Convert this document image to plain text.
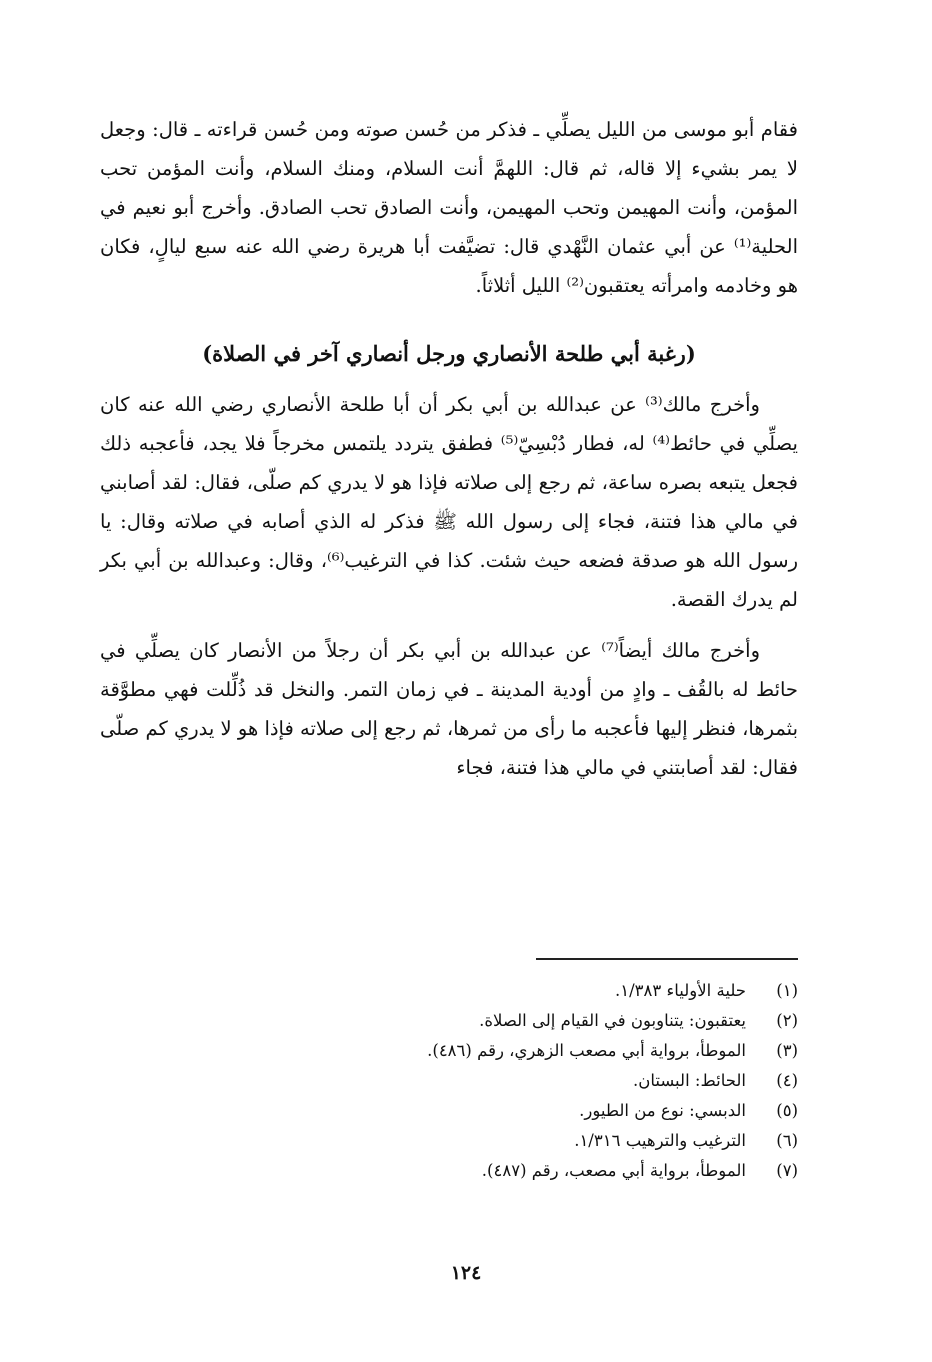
فقام أبو موسى من الليل يصلِّي ـ فذكر من حُسن صوته ومن حُسن قراءته ـ قال: وجعل لا يمر بشيء إلا قاله، ثم قال: اللهمَّ أنت السلام، ومنك السلام، وأنت المؤمن تحب المؤمن، وأنت المهيمن وتحب المهيمن، وأنت الصادق تحب الصادق. وأخرج أبو نعيم في الحلية⁽¹⁾ عن أبي عثمان النَّهْدي قال: تضيَّفت أبا هريرة رضي الله عنه سبع ليالٍ، فكان هو وخادمه وامرأته يعتقبون⁽²⁾ الليل أثلاثاً.

(رغبة أبي طلحة الأنصاري ورجل أنصاري آخر في الصلاة)

وأخرج مالك⁽³⁾ عن عبدالله بن أبي بكر أن أبا طلحة الأنصاري رضي الله عنه كان يصلِّي في حائط⁽⁴⁾ له، فطار دُبْسِيّ⁽⁵⁾ فطفق يتردد يلتمس مخرجاً فلا يجد، فأعجبه ذلك فجعل يتبعه بصره ساعة، ثم رجع إلى صلاته فإذا هو لا يدري كم صلّى، فقال: لقد أصابني في مالي هذا فتنة، فجاء إلى رسول الله ﷺ فذكر له الذي أصابه في صلاته وقال: يا رسول الله هو صدقة فضعه حيث شئت. كذا في الترغيب⁽⁶⁾، وقال: وعبدالله بن أبي بكر لم يدرك القصة.

وأخرج مالك أيضاً⁽⁷⁾ عن عبدالله بن أبي بكر أن رجلاً من الأنصار كان يصلِّي في حائط له بالقُف ـ وادٍ من أودية المدينة ـ في زمان التمر. والنخل قد ذُلِّلت فهي مطوَّقة بثمرها، فنظر إليها فأعجبه ما رأى من ثمرها، ثم رجع إلى صلاته فإذا هو لا يدري كم صلّى فقال: لقد أصابتني في مالي هذا فتنة، فجاء

(١)
حلية الأولياء ١/٣٨٣.
(٢)
يعتقبون: يتناوبون في القيام إلى الصلاة.
(٣)
الموطأ، برواية أبي مصعب الزهري، رقم (٤٨٦).
(٤)
الحائط: البستان.
(٥)
الدبسي: نوع من الطيور.
(٦)
الترغيب والترهيب ١/٣١٦.
(٧)
الموطأ، برواية أبي مصعب، رقم (٤٨٧).
١٢٤
